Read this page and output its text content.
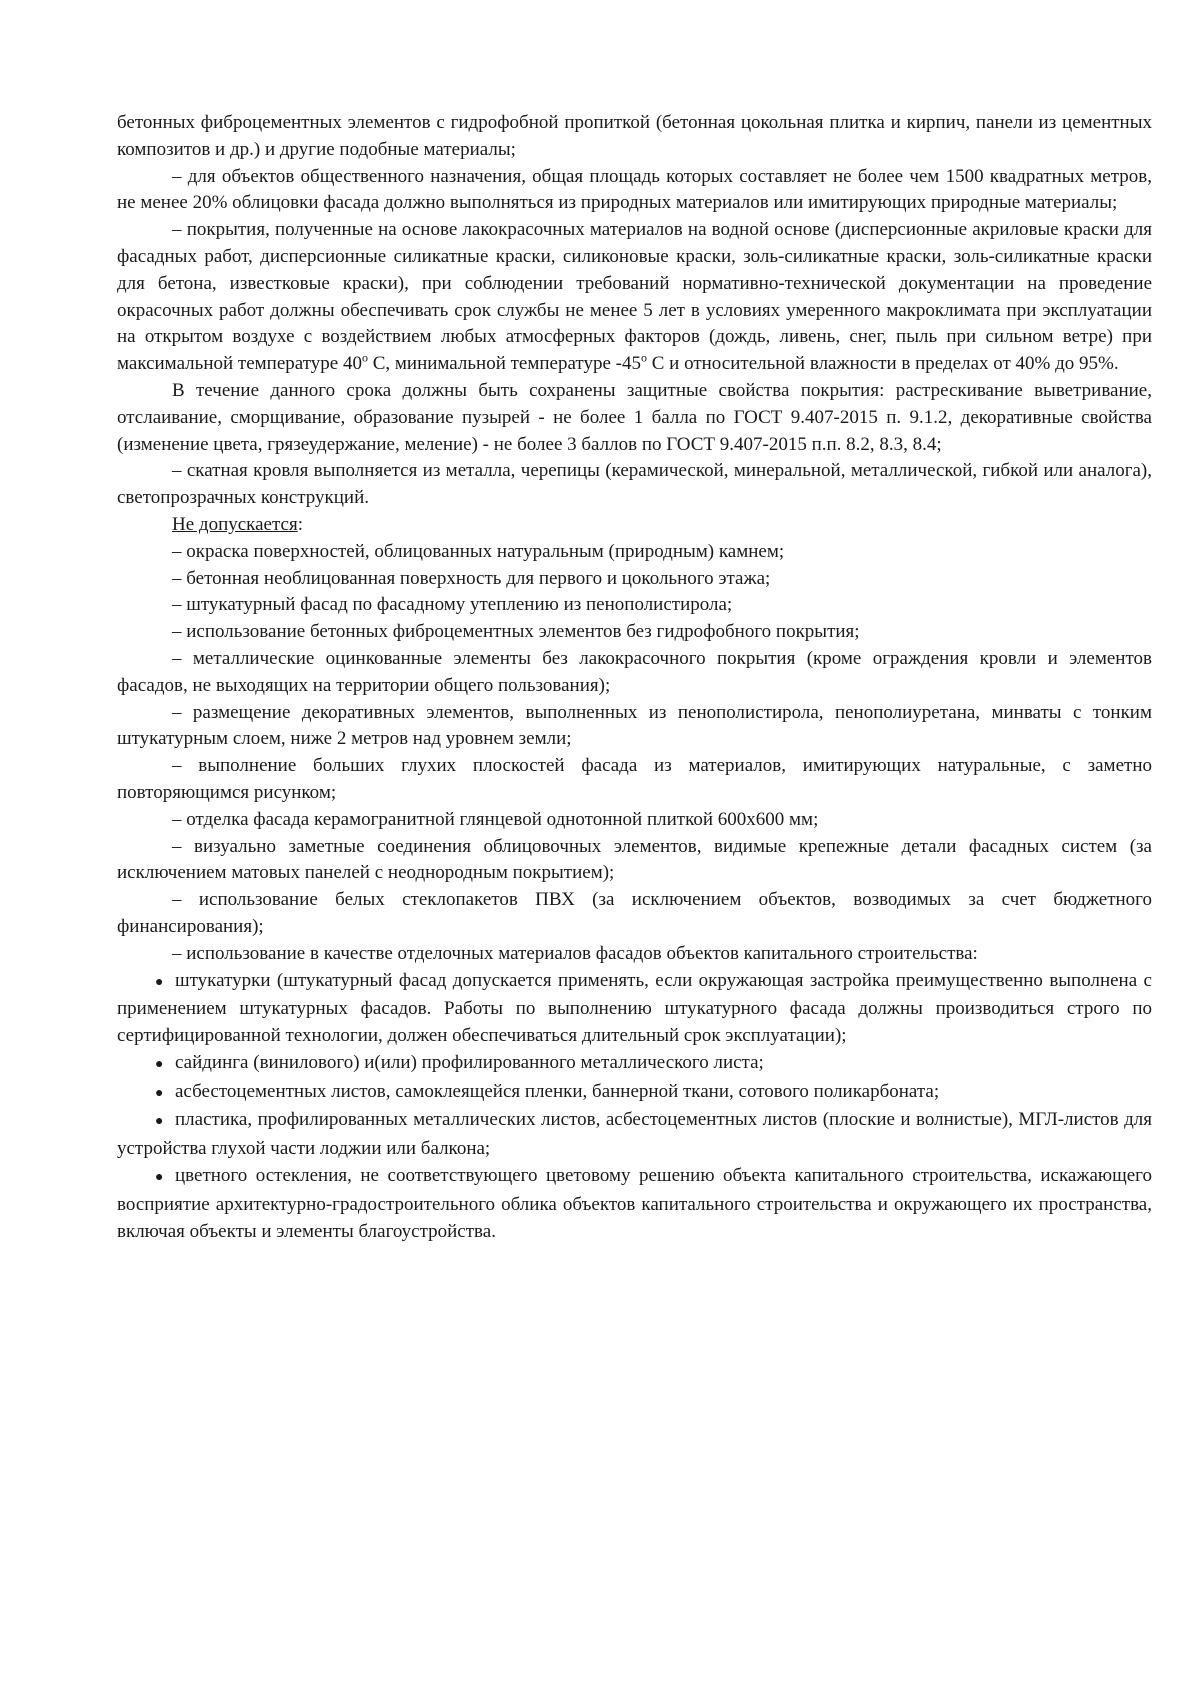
бетонных фиброцементных элементов с гидрофобной пропиткой (бетонная цокольная плитка и кирпич, панели из цементных композитов и др.) и другие подобные материалы;

– для объектов общественного назначения, общая площадь которых составляет не более чем 1500 квадратных метров, не менее 20% облицовки фасада должно выполняться из природных материалов или имитирующих природные материалы;

– покрытия, полученные на основе лакокрасочных материалов на водной основе (дисперсионные акриловые краски для фасадных работ, дисперсионные силикатные краски, силиконовые краски, золь-силикатные краски, золь-силикатные краски для бетона, известковые краски), при соблюдении требований нормативно-технической документации на проведение окрасочных работ должны обеспечивать срок службы не менее 5 лет в условиях умеренного макроклимата при эксплуатации на открытом воздухе с воздействием любых атмосферных факторов (дождь, ливень, снег, пыль при сильном ветре) при максимальной температуре $40^о$ С, минимальной температуре $-45^о$ С и относительной влажности в пределах от 40% до 95%.

В течение данного срока должны быть сохранены защитные свойства покрытия: растрескивание выветривание, отслаивание, сморщивание, образование пузырей - не более 1 балла по ГОСТ 9.407-2015 п. 9.1.2, декоративные свойства (изменение цвета, грязеудержание, меление) - не более 3 баллов по ГОСТ 9.407-2015 п.п. 8.2, 8.3, 8.4;

– скатная кровля выполняется из металла, черепицы (керамической, минеральной, металлической, гибкой или аналога), светопрозрачных конструкций.

Не допускается:

– окраска поверхностей, облицованных натуральным (природным) камнем;

– бетонная необлицованная поверхность для первого и цокольного этажа;

– штукатурный фасад по фасадному утеплению из пенополистирола;

– использование бетонных фиброцементных элементов без гидрофобного покрытия;

– металлические оцинкованные элементы без лакокрасочного покрытия (кроме ограждения кровли и элементов фасадов, не выходящих на территории общего пользования);

– размещение декоративных элементов, выполненных из пенополистирола, пенополиуретана, минваты с тонким штукатурным слоем, ниже 2 метров над уровнем земли;

– выполнение больших глухих плоскостей фасада из материалов, имитирующих натуральные, с заметно повторяющимся рисунком;

– отделка фасада керамогранитной глянцевой однотонной плиткой 600х600 мм;

– визуально заметные соединения облицовочных элементов, видимые крепежные детали фасадных систем (за исключением матовых панелей с неоднородным покрытием);

– использование белых стеклопакетов ПВХ (за исключением объектов, возводимых за счет бюджетного финансирования);

– использование в качестве отделочных материалов фасадов объектов капитального строительства:

● штукатурки (штукатурный фасад допускается применять, если окружающая застройка преимущественно выполнена с применением штукатурных фасадов. Работы по выполнению штукатурного фасада должны производиться строго по сертифицированной технологии, должен обеспечиваться длительный срок эксплуатации);

● сайдинга (винилового) и(или) профилированного металлического листа;

● асбестоцементных листов, самоклеящейся пленки, баннерной ткани, сотового поликарбоната;

● пластика, профилированных металлических листов, асбестоцементных листов (плоские и волнистые), МГЛ-листов для устройства глухой части лоджии или балкона;

● цветного остекления, не соответствующего цветовому решению объекта капитального строительства, искажающего восприятие архитектурно-градостроительного облика объектов капитального строительства и окружающего их пространства, включая объекты и элементы благоустройства.
